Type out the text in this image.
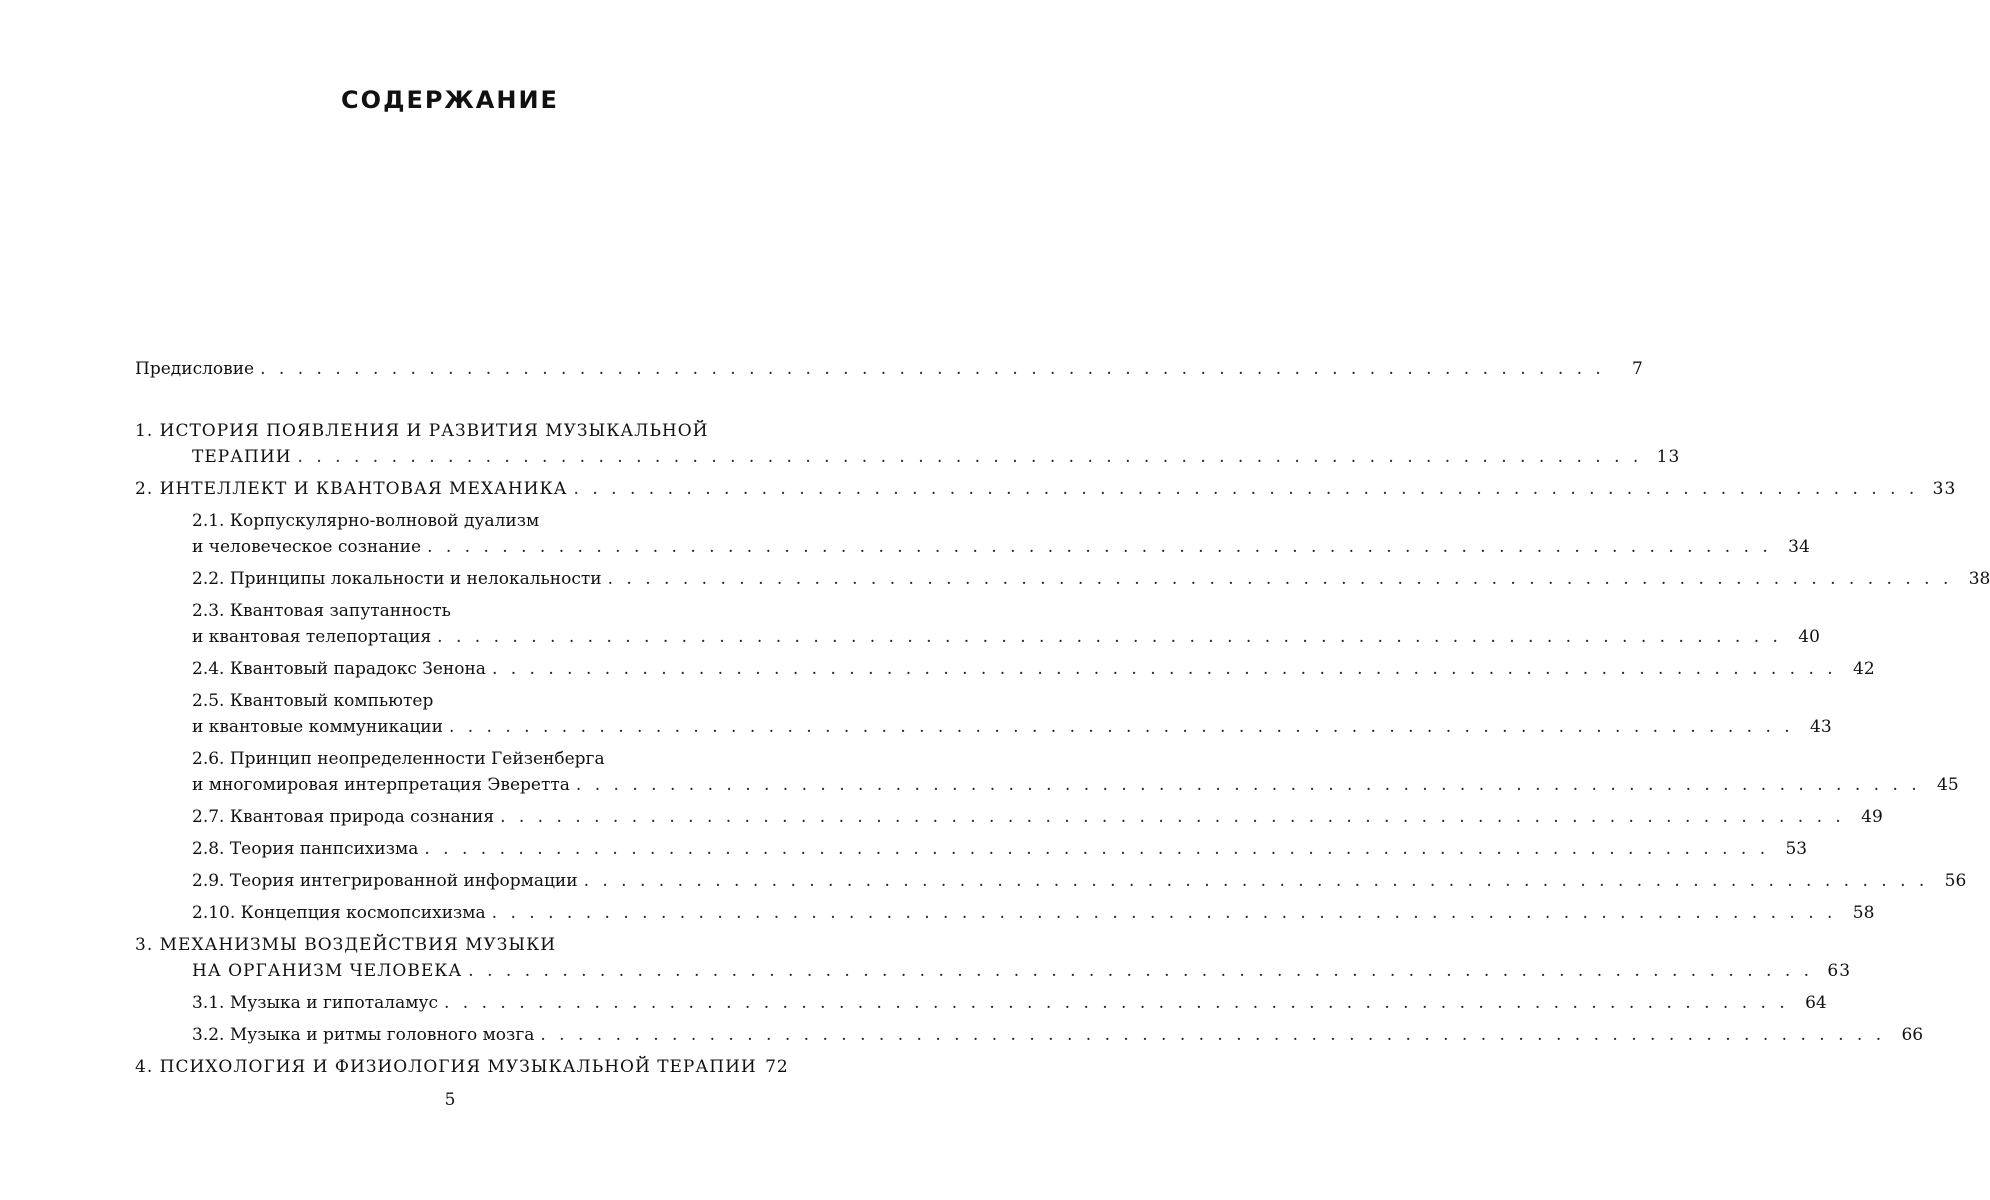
СОДЕРЖАНИЕ
Предисловие . . . . . . . . . . . . . . . . . . . . . . . . . . . . . . . . . . . . . . . . . . . . . . . . . . . . . . . . . . . . . . . . . . . . . . . .	7
1. ИСТОРИЯ ПОЯВЛЕНИЯ И РАЗВИТИЯ МУЗЫКАЛЬНОЙ
ТЕРАПИИ . . . . . . . . . . . . . . . . . . . . . . . . . . . . . . . . . . . . . . . . . . . . . . . . . . . . . . . . . . . . . . . . . . . . . . . . 13
2. ИНТЕЛЛЕКТ И КВАНТОВАЯ МЕХАНИКА . . . . . . . . . . . . . . . . . . . . . . . . . . . . . . . . . . . . . . . . . . . . . . . . . . . . . . . . . . . . . . . . . . . . . . . . 33
2.1. Корпускулярно-волновой дуализм
и человеческое сознание . . . . . . . . . . . . . . . . . . . . . . . . . . . . . . . . . . . . . . . . . . . . . . . . . . . . . . . . . . . . . . . . . . . . . . . . 34
2.2. Принципы локальности и нелокальности . . . . . . . . . . . . . . . . . . . . . . . . . . . . . . . . . . . . . . . . . . . . . . . . . . . . . . . . . . . . . . . . . . . . . . . . 38
2.3. Квантовая запутанность
и квантовая телепортация . . . . . . . . . . . . . . . . . . . . . . . . . . . . . . . . . . . . . . . . . . . . . . . . . . . . . . . . . . . . . . . . . . . . . . . . 40
2.4. Квантовый парадокс Зенона . . . . . . . . . . . . . . . . . . . . . . . . . . . . . . . . . . . . . . . . . . . . . . . . . . . . . . . . . . . . . . . . . . . . . . . . 42
2.5. Квантовый компьютер
и квантовые коммуникации . . . . . . . . . . . . . . . . . . . . . . . . . . . . . . . . . . . . . . . . . . . . . . . . . . . . . . . . . . . . . . . . . . . . . . . . 43
2.6. Принцип неопределенности Гейзенберга
и многомировая интерпретация Эверетта . . . . . . . . . . . . . . . . . . . . . . . . . . . . . . . . . . . . . . . . . . . . . . . . . . . . . . . . . . . . . . . . . . . . . . . . 45
2.7. Квантовая природа сознания . . . . . . . . . . . . . . . . . . . . . . . . . . . . . . . . . . . . . . . . . . . . . . . . . . . . . . . . . . . . . . . . . . . . . . . . 49
2.8. Теория панпсихизма . . . . . . . . . . . . . . . . . . . . . . . . . . . . . . . . . . . . . . . . . . . . . . . . . . . . . . . . . . . . . . . . . . . . . . . . 53
2.9. Теория интегрированной информации . . . . . . . . . . . . . . . . . . . . . . . . . . . . . . . . . . . . . . . . . . . . . . . . . . . . . . . . . . . . . . . . . . . . . . . . 56
2.10. Концепция космопсихизма . . . . . . . . . . . . . . . . . . . . . . . . . . . . . . . . . . . . . . . . . . . . . . . . . . . . . . . . . . . . . . . . . . . . . . . . 58
3. МЕХАНИЗМЫ ВОЗДЕЙСТВИЯ МУЗЫКИ
НА ОРГАНИЗМ ЧЕЛОВЕКА . . . . . . . . . . . . . . . . . . . . . . . . . . . . . . . . . . . . . . . . . . . . . . . . . . . . . . . . . . . . . . . . . . . . . . . . 63
3.1. Музыка и гипоталамус . . . . . . . . . . . . . . . . . . . . . . . . . . . . . . . . . . . . . . . . . . . . . . . . . . . . . . . . . . . . . . . . . . . . . . . . 64
3.2. Музыка и ритмы головного мозга . . . . . . . . . . . . . . . . . . . . . . . . . . . . . . . . . . . . . . . . . . . . . . . . . . . . . . . . . . . . . . . . . . . . . . . . 66
4. ПСИХОЛОГИЯ И ФИЗИОЛОГИЯ МУЗЫКАЛЬНОЙ ТЕРАПИИ 72
5
